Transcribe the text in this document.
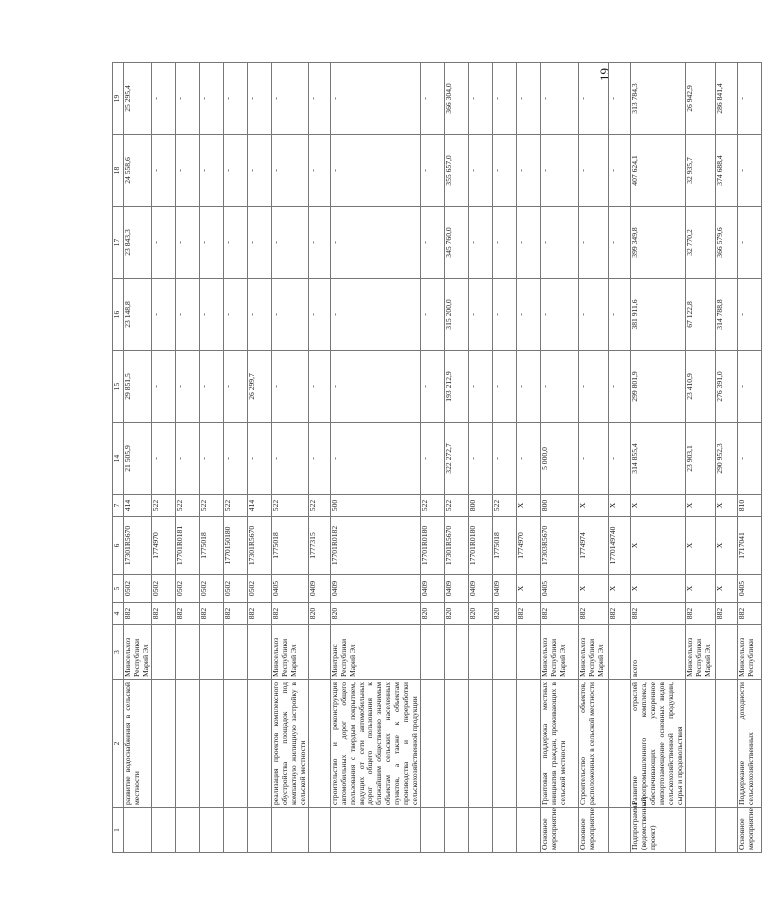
19
1	2	3	4	5	6	7	14	15	16	17	18	19
	развитие водоснабжения в сельской местности	Минсельхоз Республики Марий Эл	882	0502	17301R5670	414	21 505,9	29 851,5	23 148,8	23 843,3	24 558,6	25 295,4
			882	0502	1774970	522	-	-	-	-	-	-
			882	0502	17701R0181	522	-	-	-	-	-	-
			882	0502	1775018	522	-	-	-	-	-	-
			882	0502	1770150180	522	-	-	-	-	-	-
			882	0502	17301R5670	414	-	26 299,7	-	-	-	-
	реализация проектов комплексного обустройства площадок под компактную жилищную застройку в сельской местности	Минсельхоз Республики Марий Эл	882	0405	1775018	522	-	-	-	-	-	-
			820	0409	1777315	522	-	-	-	-	-	-
	строительство и реконструкция автомобильных дорог общего пользования с твердым покрытием, ведущих от сети автомобильных дорог общего пользования к ближайшим общественно значимым объектам сельских населенных пунктов, а также к объектам производства и переработки сельскохозяйственной продукции	Минтранс Республики Марий Эл	820	0409	17701R0182	500	-	-	-	-	-	-
			820	0409	17701R0180	522	-	-	-	-	-	-
			820	0409	17301R5670	522	322 272,7	193 212,9	315 200,0	345 760,0	355 657,0	366 304,0
			820	0409	17701R0180	800	-	-	-	-	-	-
			820	0409	1775018	522	-	-	-	-	-	-
			882	X	1774970	X	-	-	-	-	-	-
Основное мероприятие	Грантовая поддержка местных инициатив граждан, проживающих в сельской местности	Минсельхоз Республики Марий Эл	882	0405	17303R5670	800	5 000,0	-	-	-	-	-
Основное мероприятие	Строительство объектов, расположенных в сельской местности	Минсельхоз Республики Марий Эл	882	X	1774974	X	-	-	-	-	-	-
			882	X	1770149740	X	-	-	-	-	-	-
Подпрограмма (ведомственный проект)	Развитие отраслей агропромышленного комплекса, обеспечивающих ускоренное импортозамещение основных видов сельскохозяйственной продукции, сырья и продовольствия	всего	882	X	X	X	314 855,4	299 801,9	381 911,6	399 349,8	407 624,1	313 784,3
		Минсельхоз Республики Марий Эл	882	X	X	X	23 903,1	23 410,9	67 122,8	32 770,2	32 935,7	26 942,9
			882	X	X	X	290 952,3	276 391,0	314 788,8	366 579,6	374 688,4	286 841,4
Основное мероприятие	Поддержание доходности сельскохозяйственных	Минсельхоз Республики	882	0405	1717041	810	-	-	-	-	-	-
